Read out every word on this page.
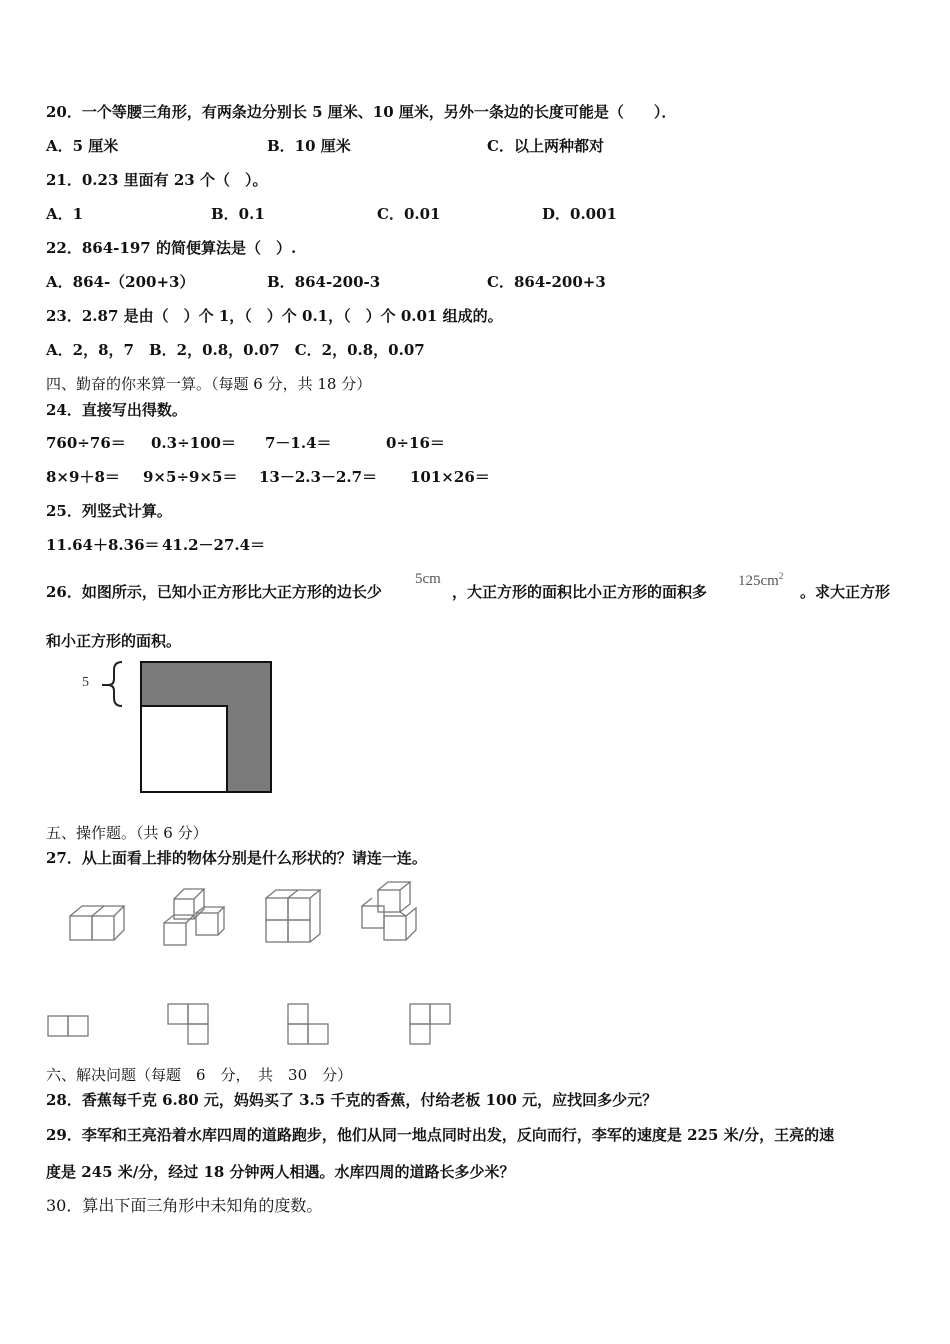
20．一个等腰三角形，有两条边分别长 5 厘米、10 厘米，另外一条边的长度可能是（　　）．
A．5 厘米	B．10 厘米	C．以上两种都对
21．0.23 里面有 23 个（　）。
A．1	B．0.1	C．0.01	D．0.001
22．864-197 的简便算法是（　）.
A．864-（200+3）	B．864-200-3	C．864-200+3
23．2.87 是由（　）个 1，（　）个 0.1，（　）个 0.01 组成的。
A．2，8，7　B．2，0.8，0.07　C．2，0.8，0.07
四、勤奋的你来算一算。（每题 6 分，共 18 分）
24．直接写出得数。
760÷76＝ 0.3÷100＝ 7－1.4＝	0÷16＝
8×9＋8＝ 9×5÷9×5＝ 13－2.3－2.7＝ 101×26＝
25．列竖式计算。
11.64＋8.36＝ 41.2－27.4＝
26．如图所示，已知小正方形比大正方形的边长少
5cm
，大正方形的面积比小正方形的面积多
$125cm^2$
。求大正方形
和小正方形的面积。
5
五、操作题。（共 6 分）
27．从上面看上排的物体分别是什么形状的？请连一连。
六、解决问题（每题　6　分，　共　30　分）
28．香蕉每千克 6.80 元，妈妈买了 3.5 千克的香蕉，付给老板 100 元，应找回多少元？
29．李军和王亮沿着水库四周的道路跑步，他们从同一地点同时出发，反向而行，李军的速度是 225 米/分，王亮的速
度是 245 米/分，经过 18 分钟两人相遇。水库四周的道路长多少米？
30．算出下面三角形中未知角的度数。
